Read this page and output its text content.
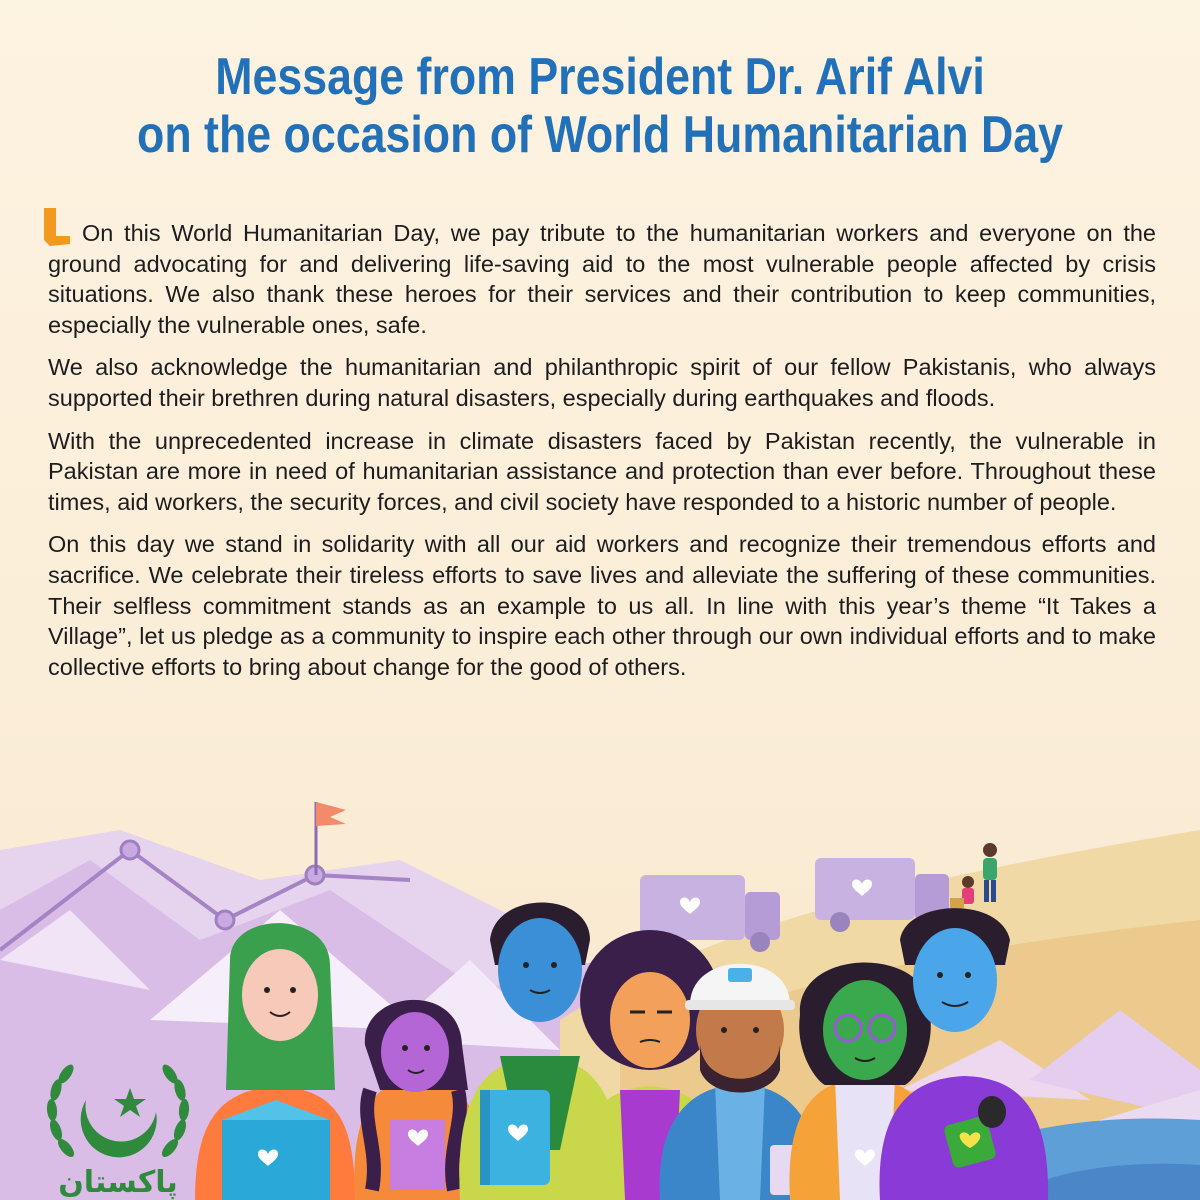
Message from President Dr. Arif Alvi
on the occasion of World Humanitarian Day

On this World Humanitarian Day, we pay tribute to the humanitarian workers and everyone on the ground advocating for and delivering life-saving aid to the most vulnerable people affected by crisis situations. We also thank these heroes for their services and their contribution to keep communities, especially the vulnerable ones, safe.

We also acknowledge the humanitarian and philanthropic spirit of our fellow Pakistanis, who always supported their brethren during natural disasters, especially during earthquakes and floods.

With the unprecedented increase in climate disasters faced by Pakistan recently, the vulnerable in Pakistan are more in need of humanitarian assistance and protection than ever before. Throughout these times, aid workers, the security forces, and civil society have responded to a historic number of people.

On this day we stand in solidarity with all our aid workers and recognize their tremendous efforts and sacrifice. We celebrate their tireless efforts to save lives and alleviate the suffering of these communities. Their selfless commitment stands as an example to us all. In line with this year’s theme “It Takes a Village”, let us pledge as a community to inspire each other through our own individual efforts and to make collective efforts to bring about change for the good of others.

پاکستان
